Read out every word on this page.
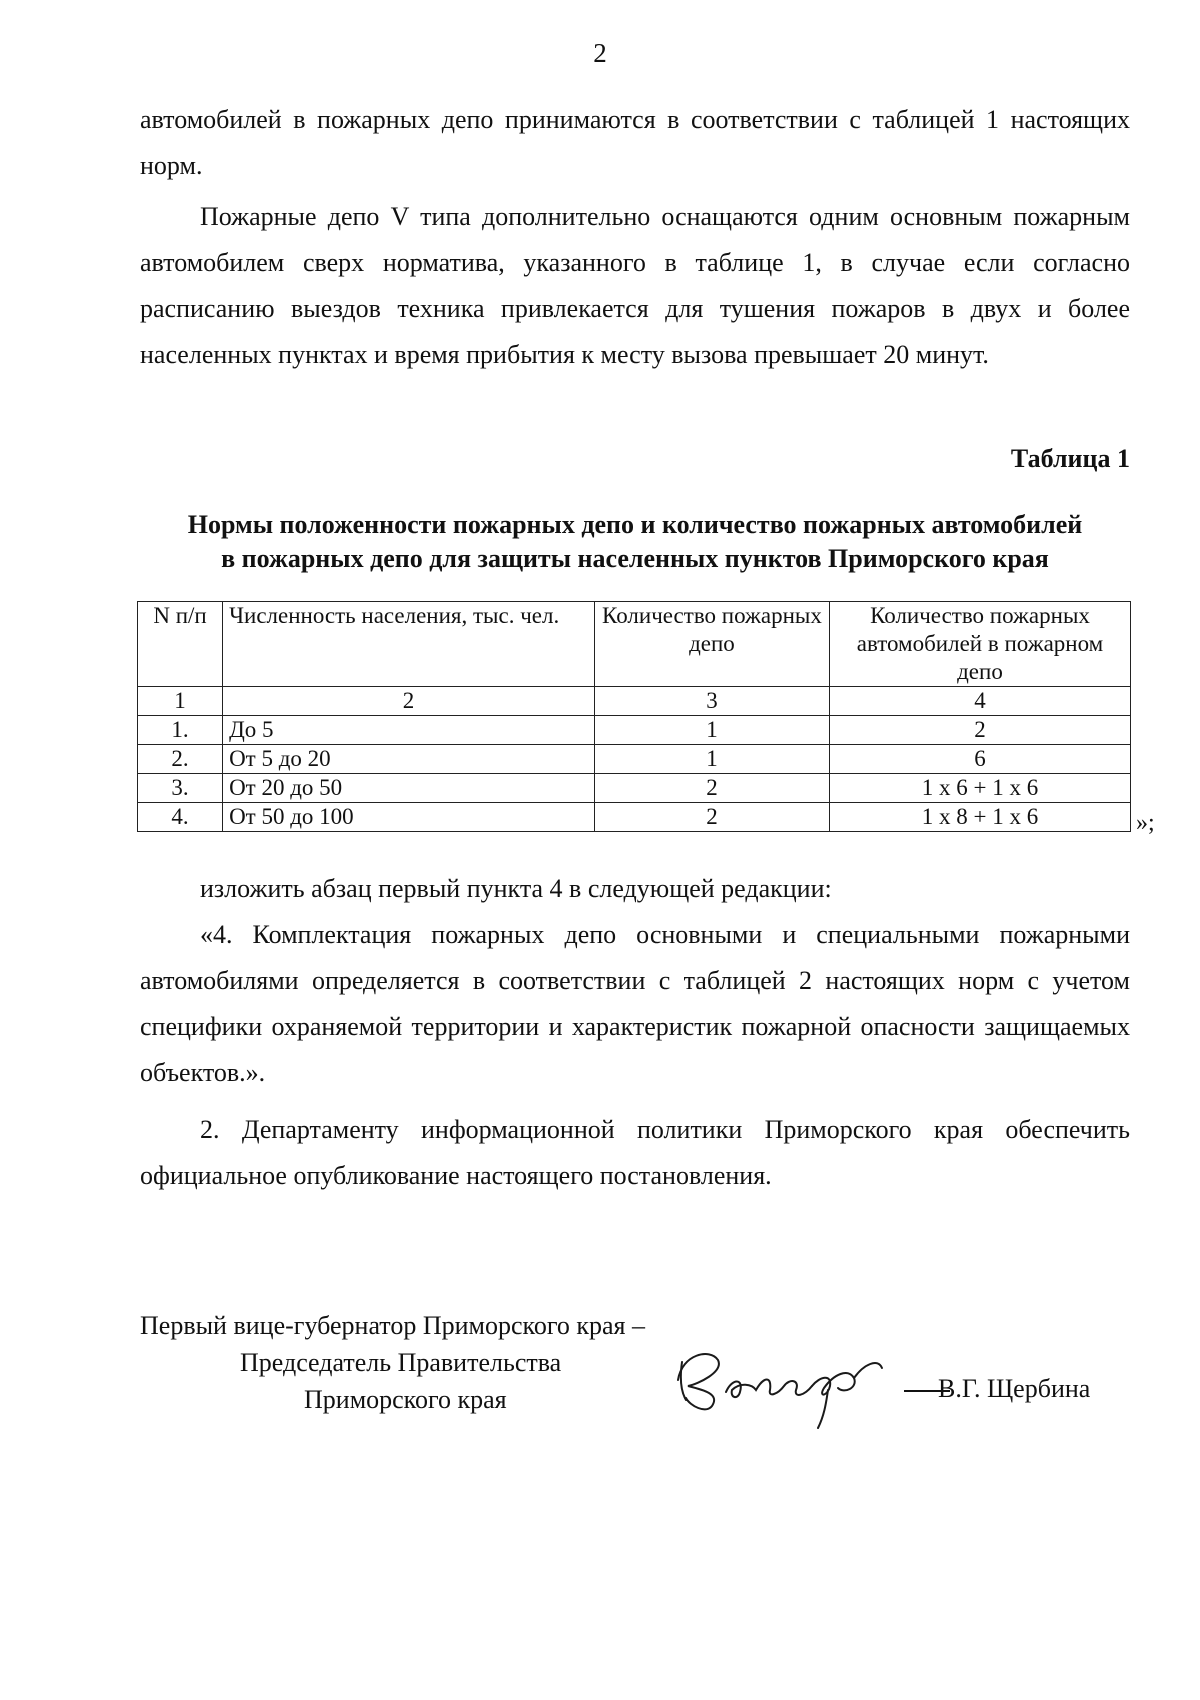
2

автомобилей в пожарных депо принимаются в соответствии с таблицей 1 настоящих норм.

Пожарные депо V типа дополнительно оснащаются одним основным пожарным автомобилем сверх норматива, указанного в таблице 1, в случае если согласно расписанию выездов техника привлекается для тушения пожаров в двух и более населенных пунктах и время прибытия к месту вызова превышает 20 минут.

Таблица 1
Нормы положенности пожарных депо и количество пожарных автомобилей
в пожарных депо для защиты населенных пунктов Приморского края
N п/п	Численность населения, тыс. чел.	Количество пожарных депо	Количество пожарных автомобилей в пожарном депо
1	2	3	4
1.	До 5	1	2
2.	От 5 до 20	1	6
3.	От 20 до 50	2	1 x 6 + 1 x 6
4.	От 50 до 100	2	1 x 8 + 1 x 6	»;

изложить абзац первый пункта 4 в следующей редакции:

«4. Комплектация пожарных депо основными и специальными пожарными автомобилями определяется в соответствии с таблицей 2 настоящих норм с учетом специфики охраняемой территории и характеристик пожарной опасности защищаемых объектов.».

2. Департаменту информационной политики Приморского края обеспечить официальное опубликование настоящего постановления.

Первый вице-губернатор Приморского края –
Председатель Правительства
Приморского края	В.Г. Щербина
